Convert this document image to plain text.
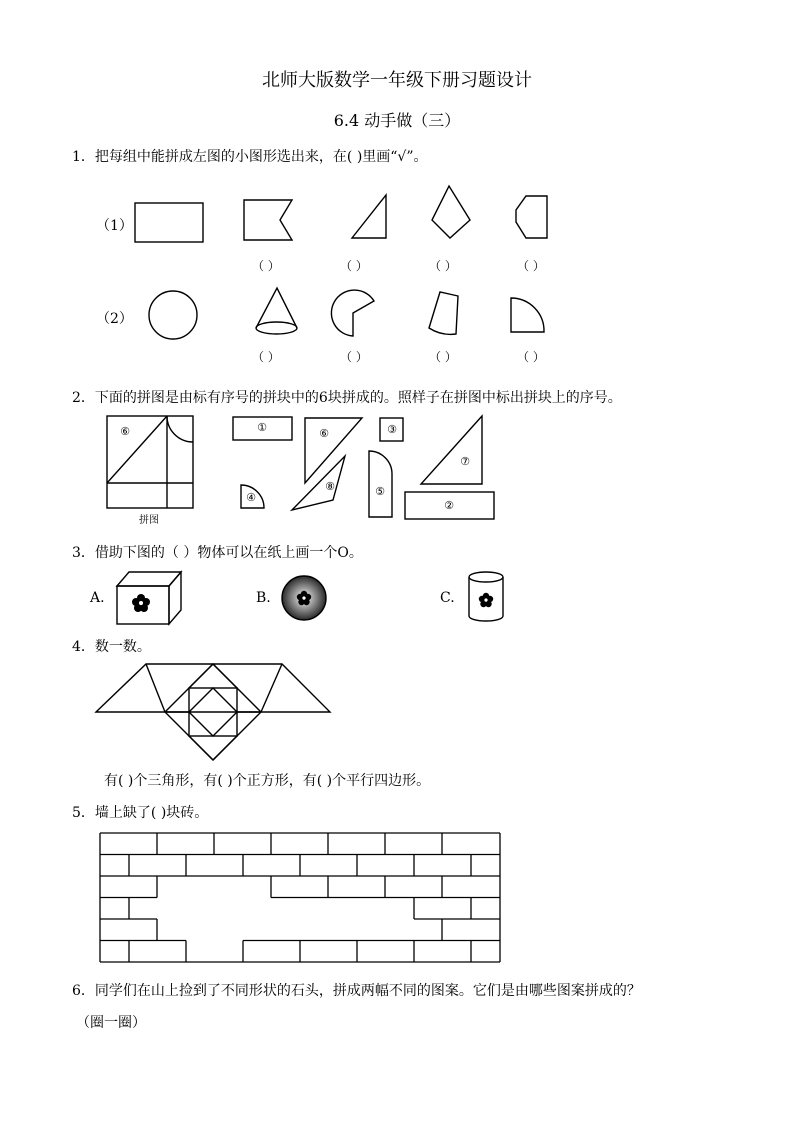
北师大版数学一年级下册习题设计
6.4 动手做（三）
1．把每组中能拼成左图的小图形选出来，在( )里画“√”。
（1）
（2）
（ ）	（ ）	（ ）	（ ）
（ ）	（ ）	（ ）	（ ）
2．下面的拼图是由标有序号的拼块中的6块拼成的。照样子在拼图中标出拼块上的序号。
3．借助下图的（ ）物体可以在纸上画一个O。
A.	B.	C.
4．数一数。
有( )个三角形，有( )个正方形，有( )个平行四边形。
5．墙上缺了( )块砖。
6．同学们在山上捡到了不同形状的石头，拼成两幅不同的图案。它们是由哪些图案拼成的？
（圈一圈）
⑥	①	⑥	③
⑦
⑧
④	⑤
②
拼图
